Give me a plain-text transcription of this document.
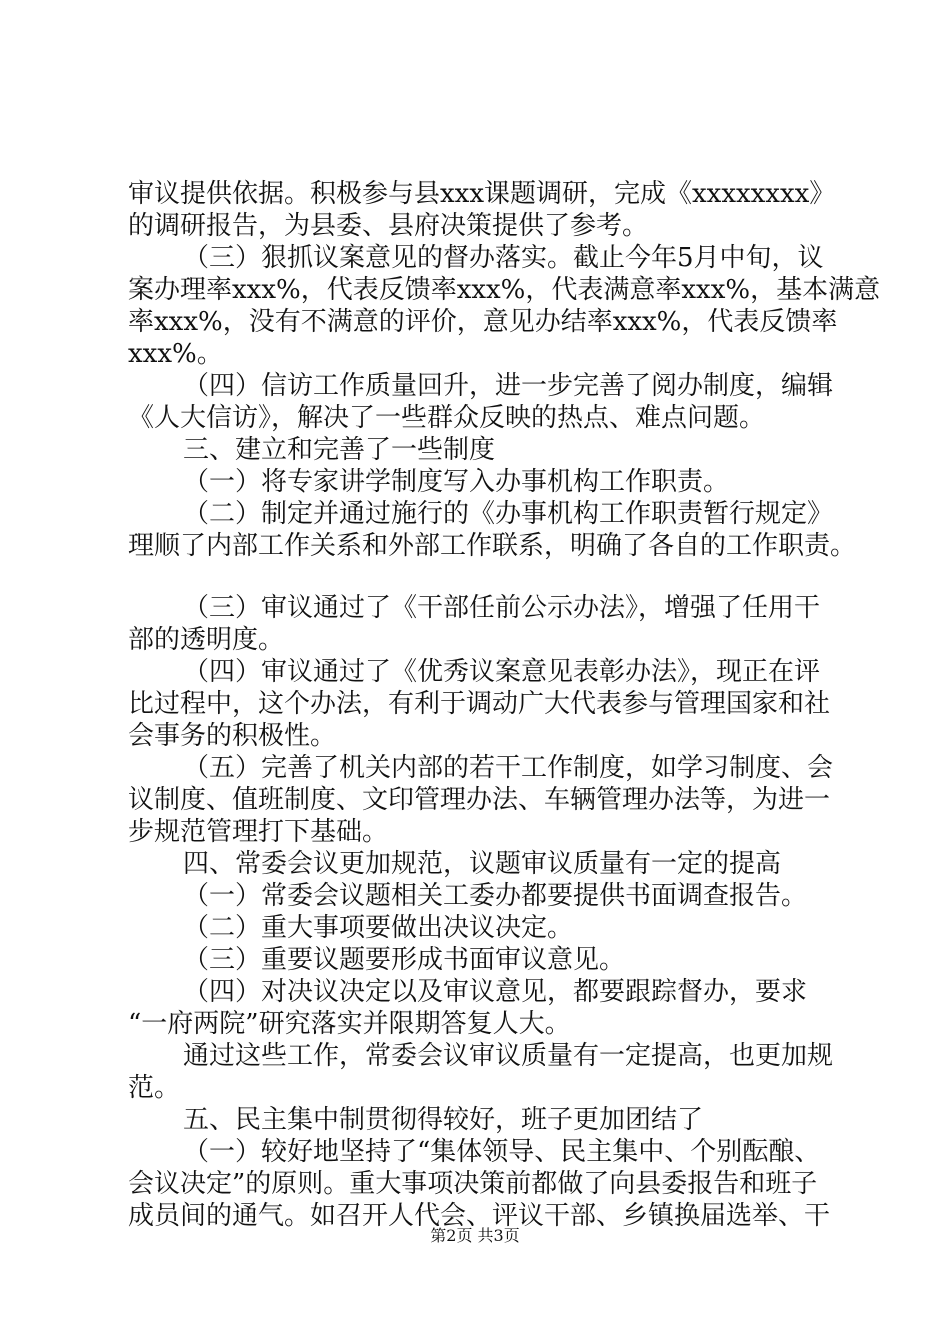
审议提供依据。积极参与县xxx课题调研，完成《xxxxxxxx》
的调研报告，为县委、县府决策提供了参考。
（三）狠抓议案意见的督办落实。截止今年5月中旬，议
案办理率xxx%，代表反馈率xxx%，代表满意率xxx%，基本满意
率xxx%，没有不满意的评价，意见办结率xxx%，代表反馈率
xxx%。
（四）信访工作质量回升，进一步完善了阅办制度，编辑
《人大信访》，解决了一些群众反映的热点、难点问题。
三、建立和完善了一些制度
（一）将专家讲学制度写入办事机构工作职责。
（二）制定并通过施行的《办事机构工作职责暂行规定》
理顺了内部工作关系和外部工作联系，明确了各自的工作职责。
（三）审议通过了《干部任前公示办法》，增强了任用干
部的透明度。
（四）审议通过了《优秀议案意见表彰办法》，现正在评
比过程中，这个办法，有利于调动广大代表参与管理国家和社
会事务的积极性。
（五）完善了机关内部的若干工作制度，如学习制度、会
议制度、值班制度、文印管理办法、车辆管理办法等，为进一
步规范管理打下基础。
四、常委会议更加规范，议题审议质量有一定的提高
（一）常委会议题相关工委办都要提供书面调查报告。
（二）重大事项要做出决议决定。
（三）重要议题要形成书面审议意见。
（四）对决议决定以及审议意见，都要跟踪督办，要求
“一府两院”研究落实并限期答复人大。
通过这些工作，常委会议审议质量有一定提高，也更加规
范。
五、民主集中制贯彻得较好，班子更加团结了
（一）较好地坚持了“集体领导、民主集中、个别酝酿、
会议决定”的原则。重大事项决策前都做了向县委报告和班子
成员间的通气。如召开人代会、评议干部、乡镇换届选举、干
第2页 共3页
